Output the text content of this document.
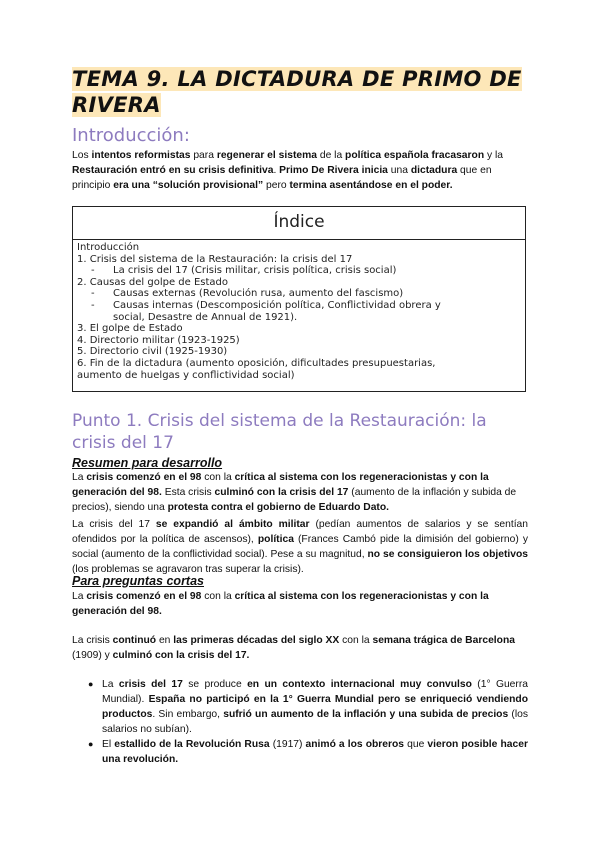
TEMA 9. LA DICTADURA DE PRIMO DE
RIVERA
Introducción:
Los intentos reformistas para regenerar el sistema de la política española fracasaron y la Restauración entró en su crisis definitiva. Primo De Rivera inicia una dictadura que en principio era una “solución provisional” pero termina asentándose en el poder.
Índice
Introducción
1. Crisis del sistema de la Restauración: la crisis del 17
- La crisis del 17 (Crisis militar, crisis política, crisis social)
2. Causas del golpe de Estado
- Causas externas (Revolución rusa, aumento del fascismo)
- Causas internas (Descomposición política, Conflictividad obrera y
social, Desastre de Annual de 1921).
3. El golpe de Estado
4. Directorio militar (1923-1925)
5. Directorio civil (1925-1930)
6. Fin de la dictadura (aumento oposición, dificultades presupuestarias,
aumento de huelgas y conflictividad social)
Punto 1. Crisis del sistema de la Restauración: la crisis del 17
Resumen para desarrollo
La crisis comenzó en el 98 con la crítica al sistema con los regeneracionistas y con la generación del 98. Esta crisis culminó con la crisis del 17 (aumento de la inflación y subida de precios), siendo una protesta contra el gobierno de Eduardo Dato.
La crisis del 17 se expandió al ámbito militar (pedían aumentos de salarios y se sentían ofendidos por la política de ascensos), política (Frances Cambó pide la dimisión del gobierno) y social (aumento de la conflictividad social). Pese a su magnitud, no se consiguieron los objetivos (los problemas se agravaron tras superar la crisis).
Para preguntas cortas
La crisis comenzó en el 98 con la crítica al sistema con los regeneracionistas y con la generación del 98.
La crisis continuó en las primeras décadas del siglo XX con la semana trágica de Barcelona (1909) y culminó con la crisis del 17.
● La crisis del 17 se produce en un contexto internacional muy convulso (1° Guerra Mundial). España no participó en la 1° Guerra Mundial pero se enriqueció vendiendo productos. Sin embargo, sufrió un aumento de la inflación y una subida de precios (los salarios no subían).
● El estallido de la Revolución Rusa (1917) animó a los obreros que vieron posible hacer una revolución.
